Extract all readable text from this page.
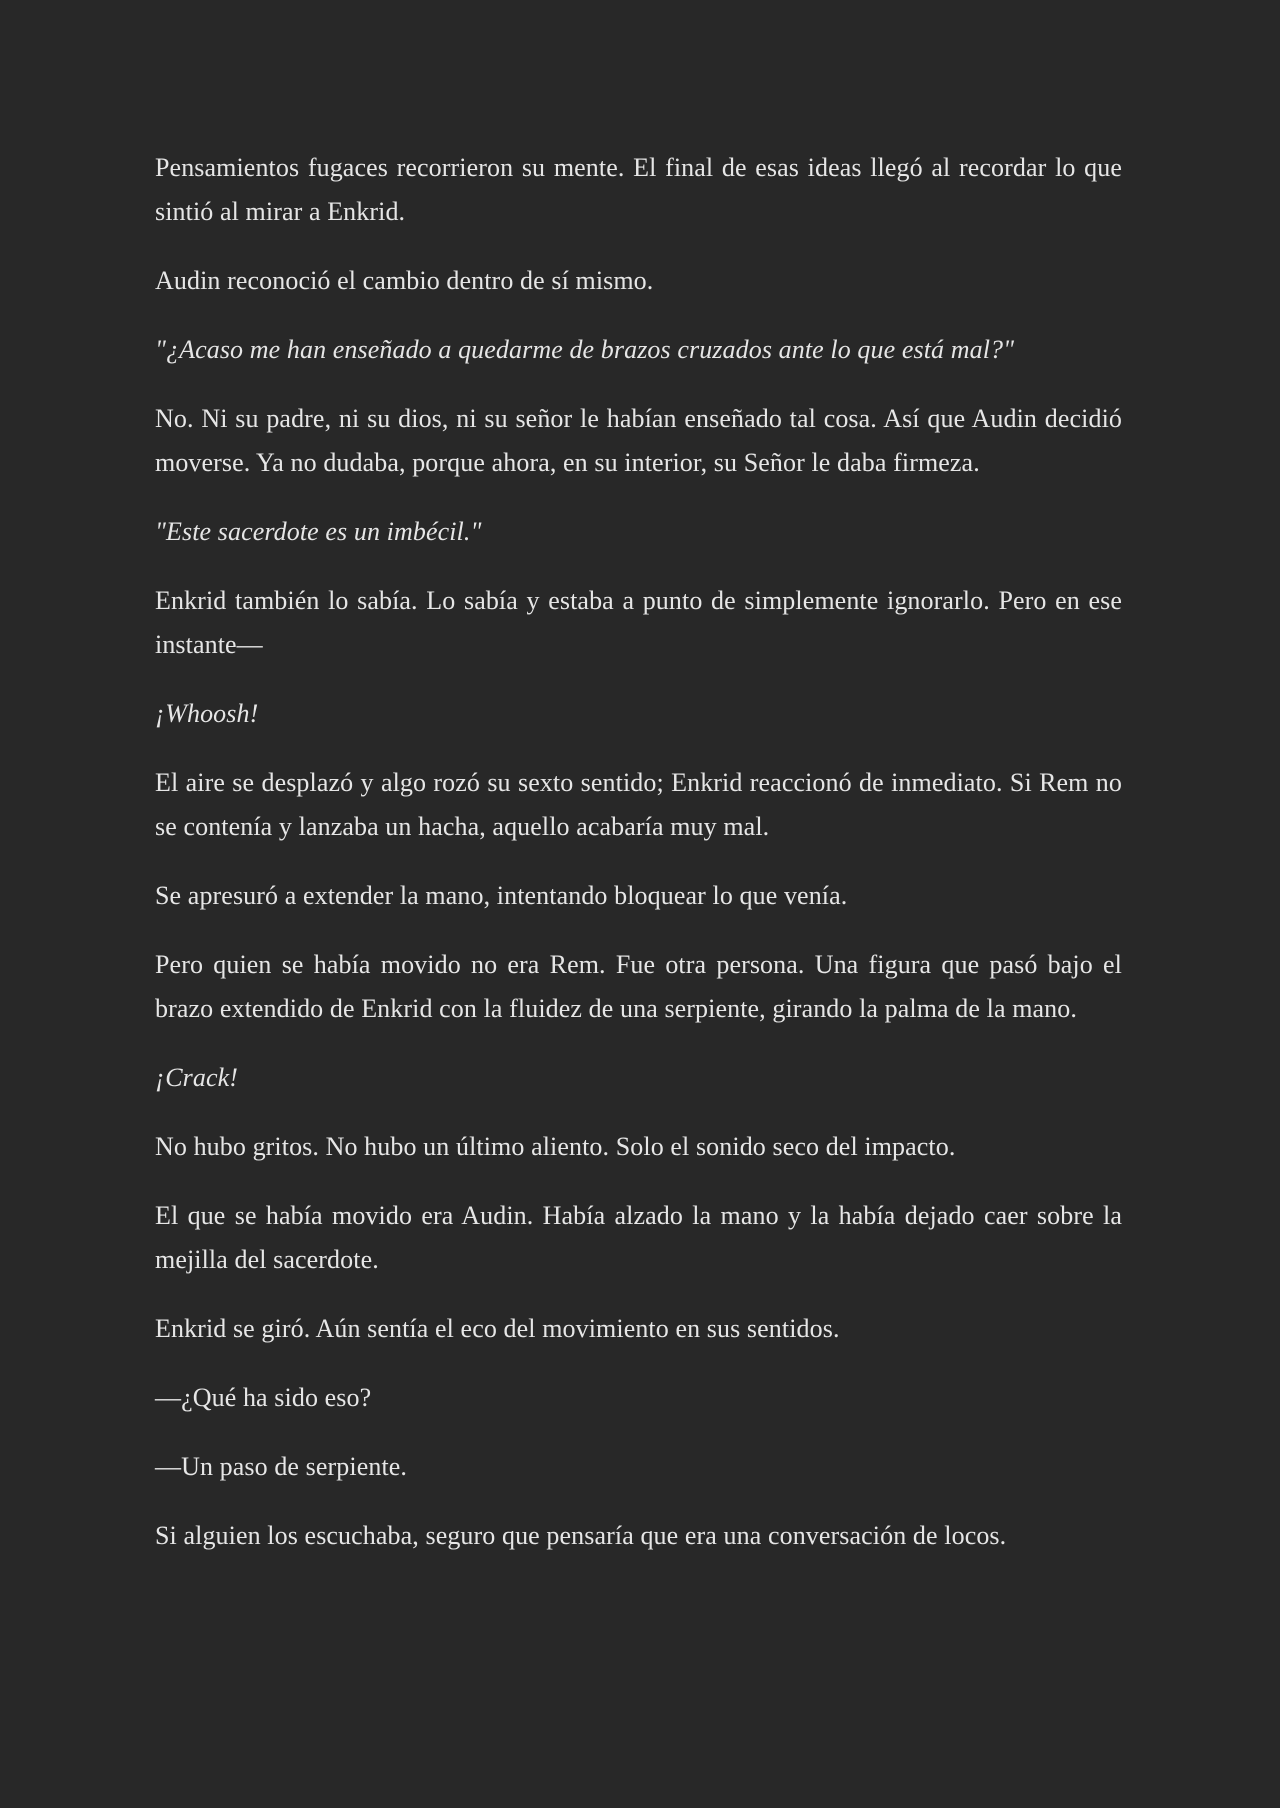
Pensamientos fugaces recorrieron su mente. El final de esas ideas llegó al recordar lo que sintió al mirar a Enkrid.

Audin reconoció el cambio dentro de sí mismo.

"¿Acaso me han enseñado a quedarme de brazos cruzados ante lo que está mal?"

No. Ni su padre, ni su dios, ni su señor le habían enseñado tal cosa. Así que Audin decidió moverse. Ya no dudaba, porque ahora, en su interior, su Señor le daba firmeza.

"Este sacerdote es un imbécil."

Enkrid también lo sabía. Lo sabía y estaba a punto de simplemente ignorarlo. Pero en ese instante—

¡Whoosh!

El aire se desplazó y algo rozó su sexto sentido; Enkrid reaccionó de inmediato. Si Rem no se contenía y lanzaba un hacha, aquello acabaría muy mal.

Se apresuró a extender la mano, intentando bloquear lo que venía.

Pero quien se había movido no era Rem. Fue otra persona. Una figura que pasó bajo el brazo extendido de Enkrid con la fluidez de una serpiente, girando la palma de la mano.

¡Crack!

No hubo gritos. No hubo un último aliento. Solo el sonido seco del impacto.

El que se había movido era Audin. Había alzado la mano y la había dejado caer sobre la mejilla del sacerdote.

Enkrid se giró. Aún sentía el eco del movimiento en sus sentidos.

—¿Qué ha sido eso?

—Un paso de serpiente.

Si alguien los escuchaba, seguro que pensaría que era una conversación de locos.
